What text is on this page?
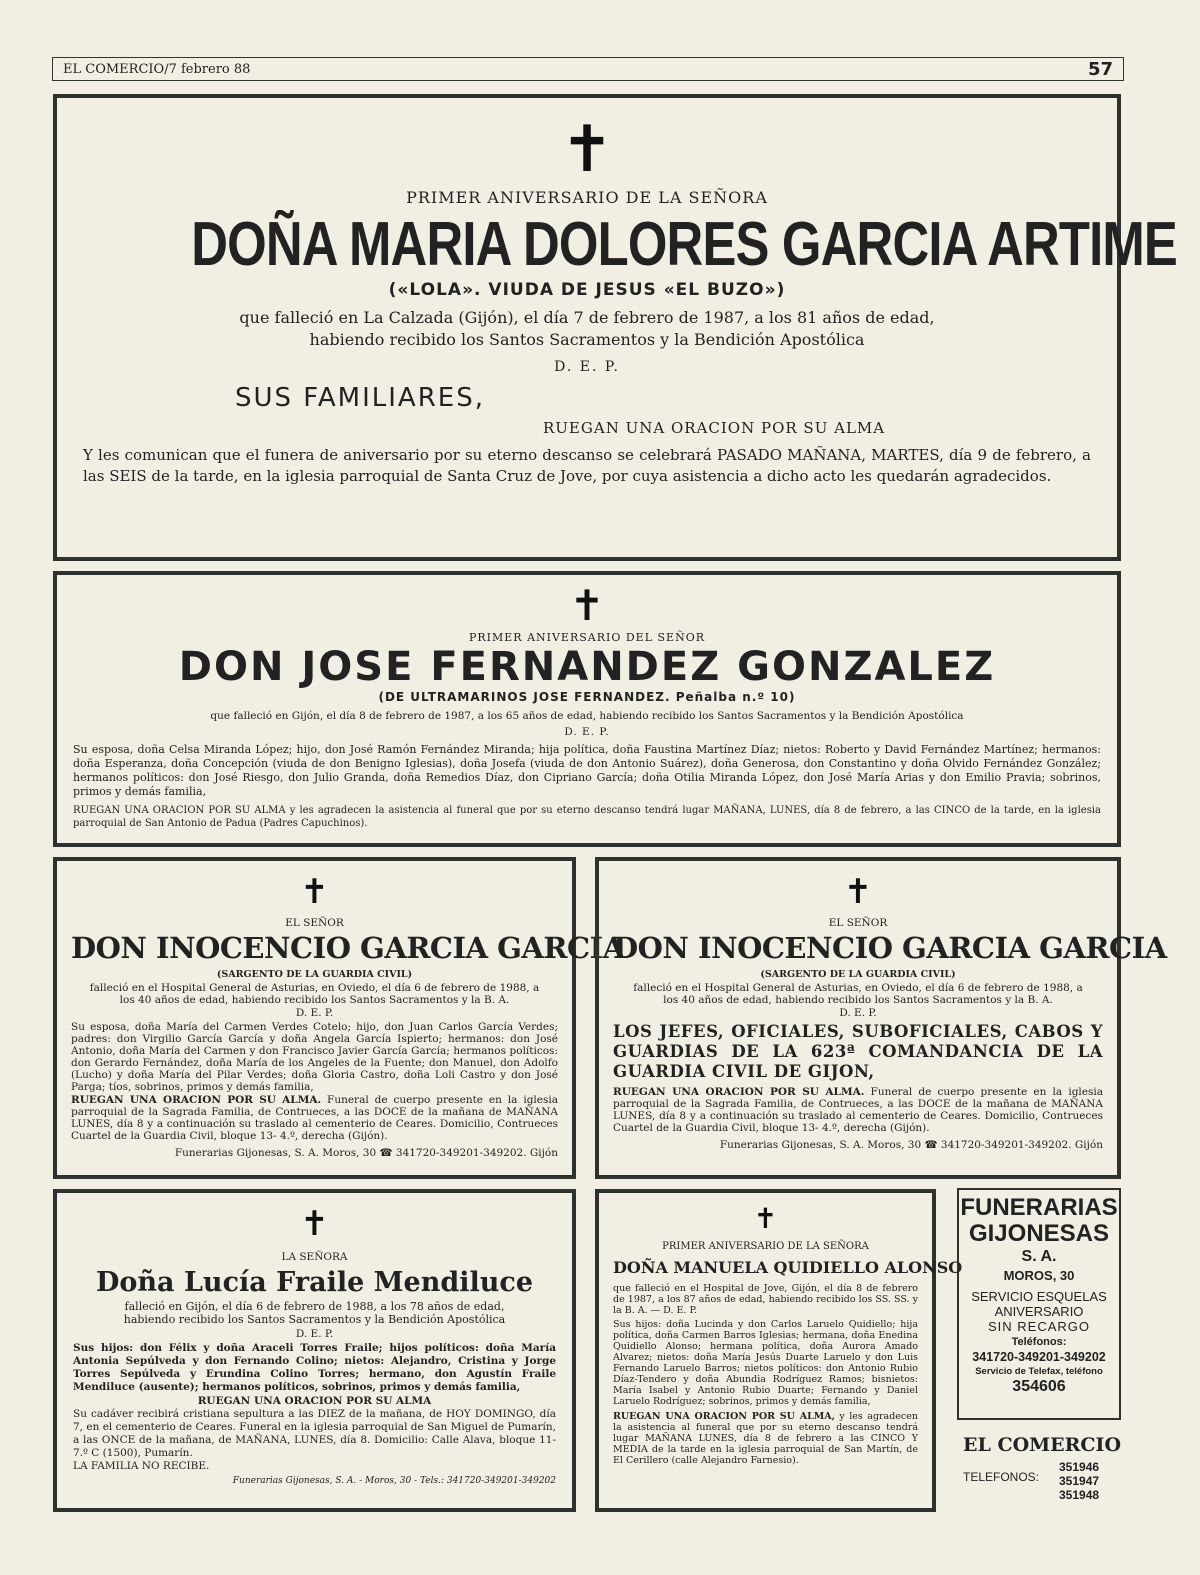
EL COMERCIO/7 febrero 88	57
✝
PRIMER ANIVERSARIO DE LA SEÑORA
DOÑA MARIA DOLORES GARCIA ARTIME
(«LOLA». VIUDA DE JESUS «EL BUZO»)
que falleció en La Calzada (Gijón), el día 7 de febrero de 1987, a los 81 años de edad,
habiendo recibido los Santos Sacramentos y la Bendición Apostólica
D. E. P.
SUS FAMILIARES,
RUEGAN UNA ORACION POR SU ALMA

Y les comunican que el funera de aniversario por su eterno descanso se celebrará PASADO MAÑANA, MARTES, día 9 de febrero, a las SEIS de la tarde, en la iglesia parroquial de Santa Cruz de Jove, por cuya asistencia a dicho acto les quedarán agradecidos.

✝
PRIMER ANIVERSARIO DEL SEÑOR
DON JOSE FERNANDEZ GONZALEZ
(DE ULTRAMARINOS JOSE FERNANDEZ. Peñalba n.º 10)
que falleció en Gijón, el día 8 de febrero de 1987, a los 65 años de edad, habiendo recibido los Santos Sacramentos y la Bendición Apostólica
D. E. P.

Su esposa, doña Celsa Miranda López; hijo, don José Ramón Fernández Miranda; hija política, doña Faustina Martínez Díaz; nietos: Roberto y David Fernández Martínez; hermanos: doña Esperanza, doña Concepción (viuda de don Benigno Iglesias), doña Josefa (viuda de don Antonio Suárez), doña Generosa, don Constantino y doña Olvido Fernández González; hermanos políticos: don José Riesgo, don Julio Granda, doña Remedios Díaz, don Cipriano García; doña Otilia Miranda López, don José María Arias y don Emilio Pravia; sobrinos, primos y demás familia,

RUEGAN UNA ORACION POR SU ALMA y les agradecen la asistencia al funeral que por su eterno descanso tendrá lugar MAÑANA, LUNES, día 8 de febrero, a las CINCO de la tarde, en la iglesia parroquial de San Antonio de Padua (Padres Capuchinos).

✝
EL SEÑOR
DON INOCENCIO GARCIA GARCIA
(SARGENTO DE LA GUARDIA CIVIL)
falleció en el Hospital General de Asturias, en Oviedo, el día 6 de febrero de 1988, a los 40 años de edad, habiendo recibido los Santos Sacramentos y la B. A.
D. E. P.

Su esposa, doña María del Carmen Verdes Cotelo; hijo, don Juan Carlos García Verdes; padres: don Virgilio García García y doña Angela García Ispierto; hermanos: don José Antonio, doña María del Carmen y don Francisco Javier García García; hermanos políticos: don Gerardo Fernández, doña María de los Angeles de la Fuente; don Manuel, don Adolfo (Lucho) y doña María del Pilar Verdes; doña Gloria Castro, doña Loli Castro y don José Parga; tíos, sobrinos, primos y demás familia,

RUEGAN UNA ORACION POR SU ALMA. Funeral de cuerpo presente en la iglesia parroquial de la Sagrada Familia, de Contrueces, a las DOCE de la mañana de MAÑANA LUNES, día 8 y a continuación su traslado al cementerio de Ceares. Domicilio, Contrueces Cuartel de la Guardia Civil, bloque 13- 4.º, derecha (Gijón).

Funerarias Gijonesas, S. A. Moros, 30 ☎ 341720-349201-349202. Gijón
✝
EL SEÑOR
DON INOCENCIO GARCIA GARCIA
(SARGENTO DE LA GUARDIA CIVIL)
falleció en el Hospital General de Asturias, en Oviedo, el día 6 de febrero de 1988, a los 40 años de edad, habiendo recibido los Santos Sacramentos y la B. A.
D. E. P.

LOS JEFES, OFICIALES, SUBOFICIALES, CABOS Y GUARDIAS DE LA 623ª COMANDANCIA DE LA GUARDIA CIVIL DE GIJON,

RUEGAN UNA ORACION POR SU ALMA. Funeral de cuerpo presente en la iglesia parroquial de la Sagrada Familia, de Contrueces, a las DOCE de la mañana de MAÑANA LUNES, día 8 y a continuación su traslado al cementerio de Ceares. Domicilio, Contrueces Cuartel de la Guardia Civil, bloque 13- 4.º, derecha (Gijón).

Funerarias Gijonesas, S. A. Moros, 30 ☎ 341720-349201-349202. Gijón
✝
LA SEÑORA
Doña Lucía Fraile Mendiluce
falleció en Gijón, el día 6 de febrero de 1988, a los 78 años de edad, habiendo recibido los Santos Sacramentos y la Bendición Apostólica
D. E. P.

Sus hijos: don Félix y doña Araceli Torres Fraile; hijos políticos: doña María Antonia Sepúlveda y don Fernando Colino; nietos: Alejandro, Cristina y Jorge Torres Sepúlveda y Erundina Colino Torres; hermano, don Agustín Fraile Mendiluce (ausente); hermanos políticos, sobrinos, primos y demás familia,

RUEGAN UNA ORACION POR SU ALMA

Su cadáver recibirá cristiana sepultura a las DIEZ de la mañana, de HOY DOMINGO, día 7, en el cementerio de Ceares. Funeral en la iglesia parroquial de San Miguel de Pumarín, a las ONCE de la mañana, de MAÑANA, LUNES, día 8. Domicilio: Calle Alava, bloque 11-7.º C (1500), Pumarín.

LA FAMILIA NO RECIBE.
Funerarias Gijonesas, S. A. - Moros, 30 - Tels.: 341720-349201-349202
✝
PRIMER ANIVERSARIO DE LA SEÑORA
DOÑA MANUELA QUIDIELLO ALONSO

que falleció en el Hospital de Jove, Gijón, el día 8 de febrero de 1987, a los 87 años de edad, habiendo recibido los SS. SS. y la B. A. — D. E. P.

Sus hijos: doña Lucinda y don Carlos Laruelo Quidiello; hija política, doña Carmen Barros Iglesias; hermana, doña Enedina Quidiello Alonso; hermana política, doña Aurora Amado Alvarez; nietos: doña María Jesús Duarte Laruelo y don Luis Fernando Laruelo Barros; nietos políticos: don Antonio Rubio Díaz-Tendero y doña Abundia Rodríguez Ramos; bisnietos: María Isabel y Antonio Rubio Duarte; Fernando y Daniel Laruelo Rodríguez; sobrinos, primos y demás familia,

RUEGAN UNA ORACION POR SU ALMA, y les agradecen la asistencia al funeral que por su eterno descanso tendrá lugar MAÑANA LUNES, día 8 de febrero a las CINCO Y MEDIA de la tarde en la iglesia parroquial de San Martín, de El Cerillero (calle Alejandro Farnesio).

FUNERARIAS
GIJONESAS
S. A.
MOROS, 30
SERVICIO ESQUELAS
ANIVERSARIO
SIN RECARGO
Teléfonos:
341720-349201-349202
Servicio de Telefax, teléfono
354606
EL COMERCIO
TELEFONOS:
351946
351947
351948
